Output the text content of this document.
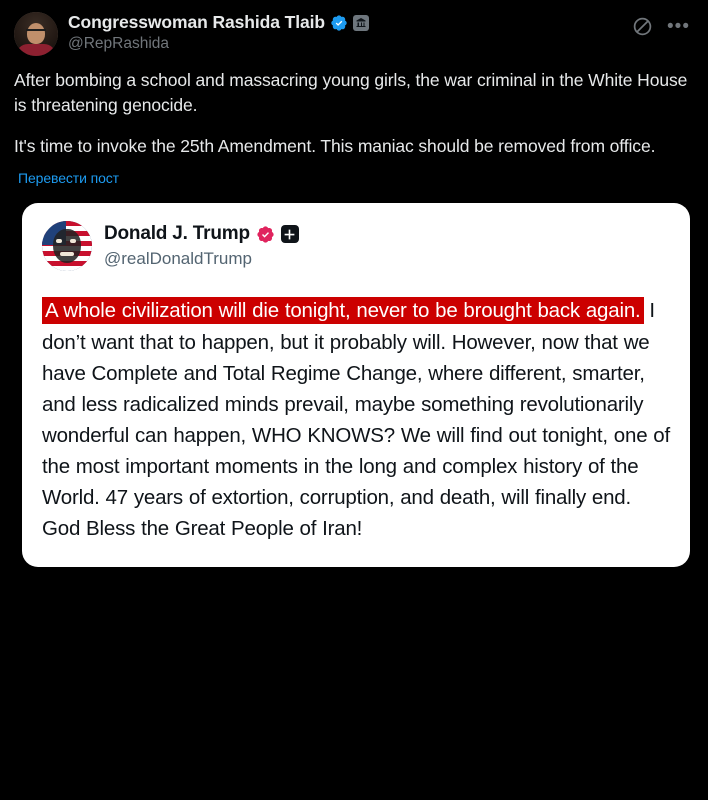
Congresswoman Rashida Tlaib
@RepRashida
•••

After bombing a school and massacring young girls, the war criminal in the White House is threatening genocide.

It's time to invoke the 25th Amendment. This maniac should be removed from office.

Перевести пост
Donald J. Trump
@realDonaldTrump
A whole civilization will die tonight, never to be brought back again. I don’t want that to happen, but it probably will. However, now that we have Complete and Total Regime Change, where different, smarter, and less radicalized minds prevail, maybe something revolutionarily wonderful can happen, WHO KNOWS? We will find out tonight, one of the most important moments in the long and complex history of the World. 47 years of extortion, corruption, and death, will finally end. God Bless the Great People of Iran!
